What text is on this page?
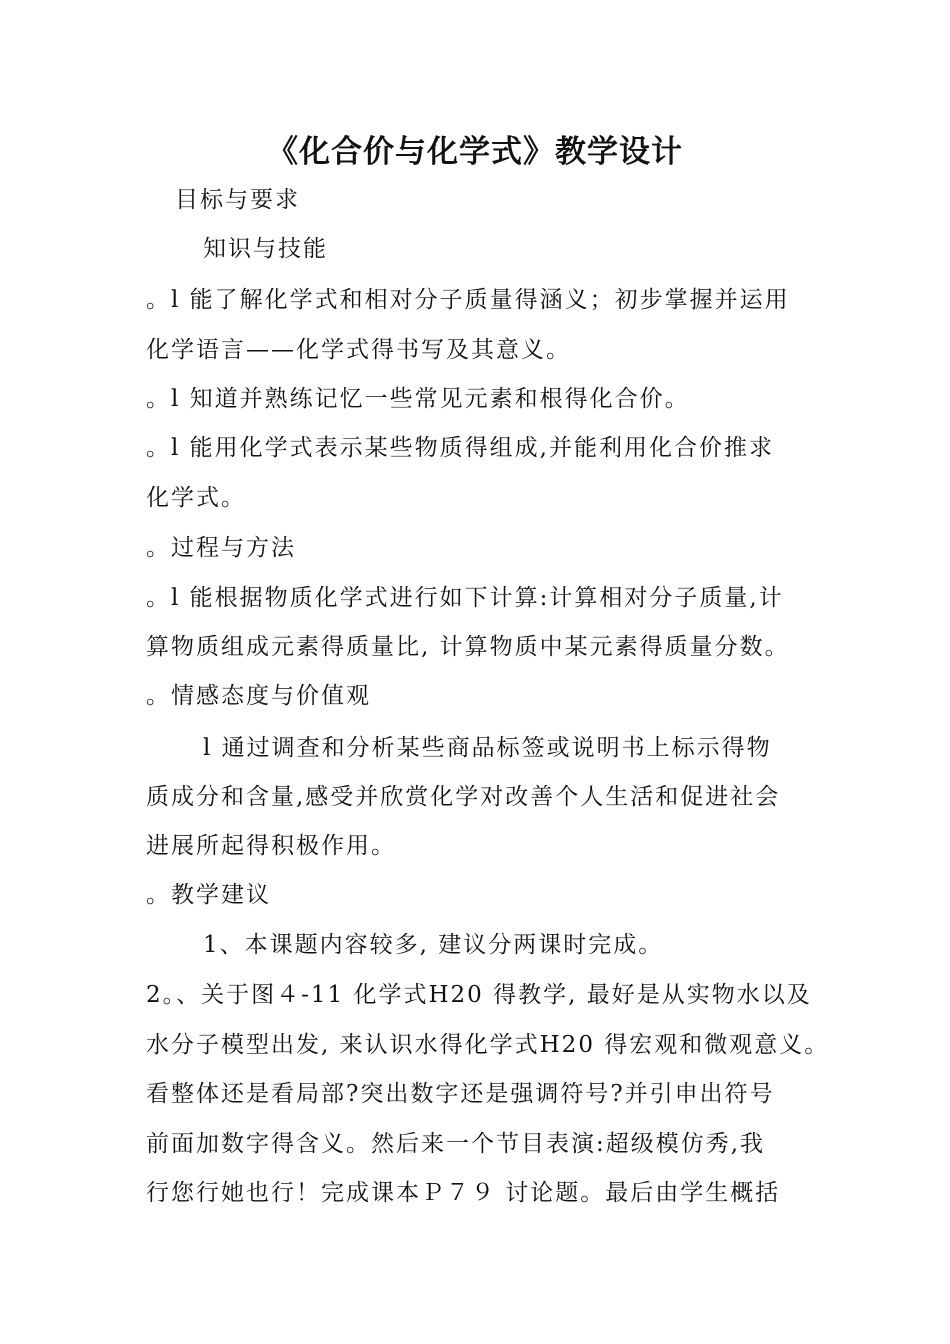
《化合价与化学式》教学设计
目标与要求
知识与技能
。l 能了解化学式和相对分子质量得涵义；初步掌握并运用
化学语言——化学式得书写及其意义。
。l 知道并熟练记忆一些常见元素和根得化合价。
。l 能用化学式表示某些物质得组成,并能利用化合价推求
化学式。
。过程与方法
。l 能根据物质化学式进行如下计算:计算相对分子质量,计
算物质组成元素得质量比, 计算物质中某元素得质量分数。
。情感态度与价值观
l 通过调查和分析某些商品标签或说明书上标示得物
质成分和含量,感受并欣赏化学对改善个人生活和促进社会
进展所起得积极作用。
。教学建议
1、本课题内容较多, 建议分两课时完成。
2。、关于图４-11 化学式H20 得教学, 最好是从实物水以及
水分子模型出发, 来认识水得化学式H20 得宏观和微观意义。
看整体还是看局部?突出数字还是强调符号?并引申出符号
前面加数字得含义。然后来一个节目表演:超级模仿秀,我
行您行她也行！完成课本Ｐ７９ 讨论题。最后由学生概括
